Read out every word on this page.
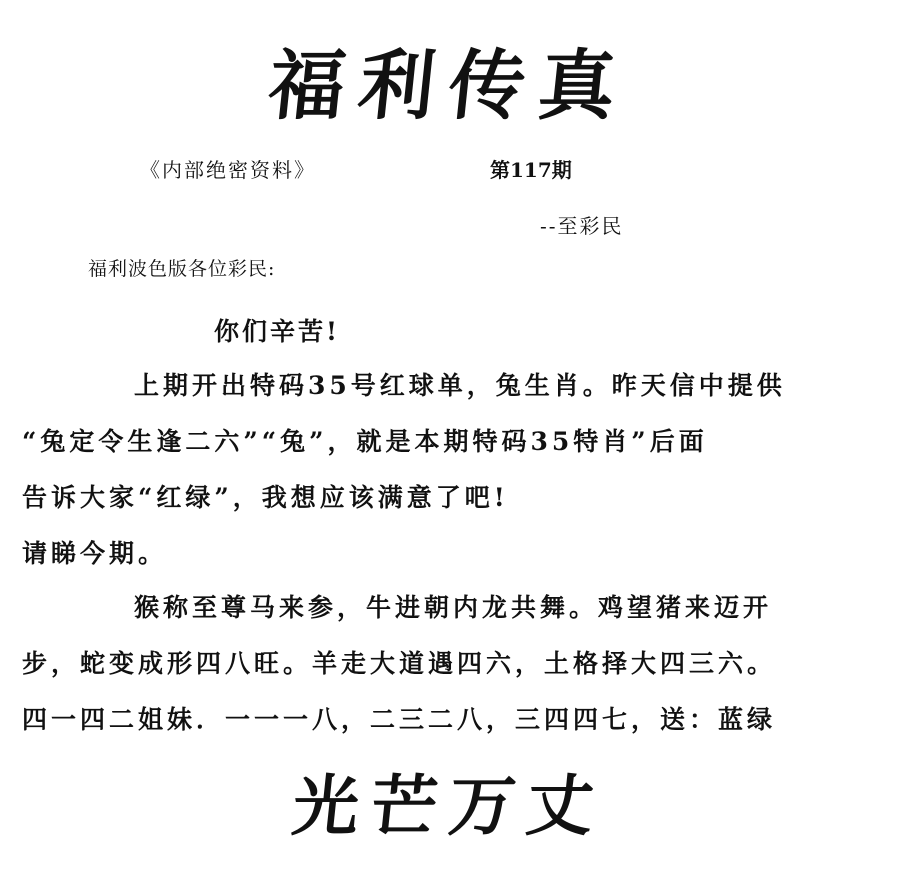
福利传真
《内部绝密资料》	第117期
--至彩民
福利波色版各位彩民:
你们辛苦!
上期开出特码35号红球单，兔生肖。昨天信中提供
“兔定令生逢二六”“兔”，就是本期特码35特肖”后面
告诉大家“红绿”，我想应该满意了吧!
请睇今期。
猴称至尊马来参，牛进朝内龙共舞。鸡望猪来迈开
步，蛇变成形四八旺。羊走大道遇四六，土格择大四三六。
四一四二姐妹．一一一八，二三二八，三四四七，送：蓝绿
光芒万丈
